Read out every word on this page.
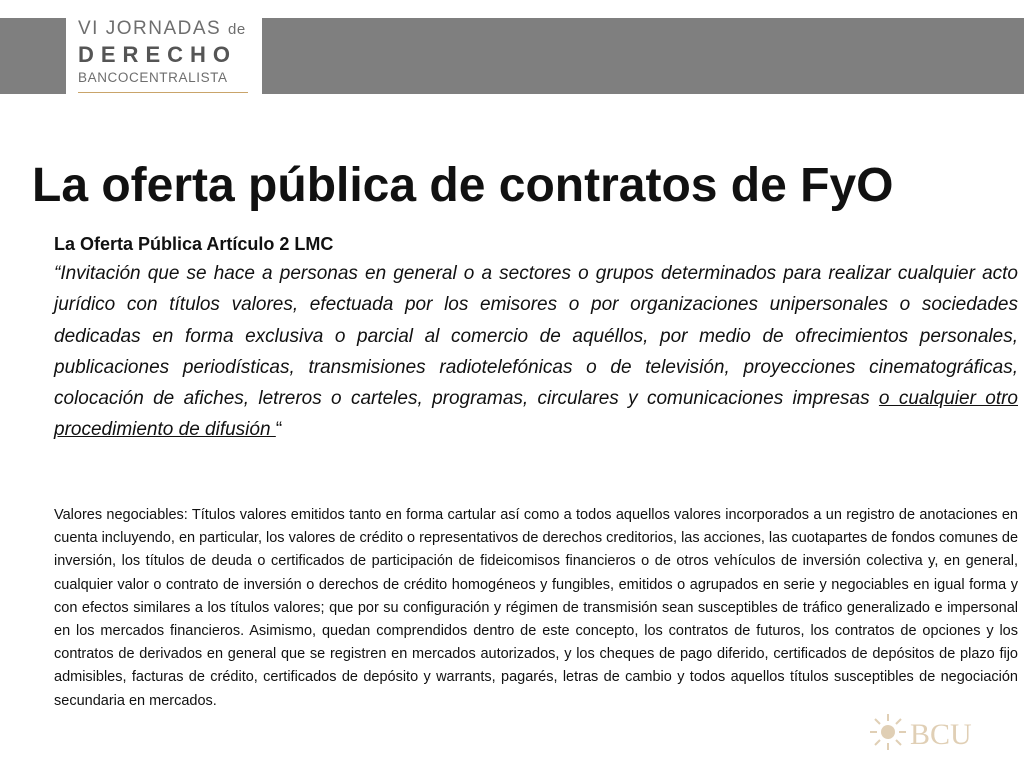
VI JORNADAS de
DERECHO
BANCOCENTRALISTA
La oferta pública de contratos de FyO
La Oferta Pública Artículo 2 LMC

“Invitación que se hace a personas en general o a sectores o grupos determinados para realizar cualquier acto jurídico con títulos valores, efectuada por los emisores o por organizaciones unipersonales o sociedades dedicadas en forma exclusiva o parcial al comercio de aquéllos, por medio de ofrecimientos personales, publicaciones periodísticas, transmisiones radiotelefónicas o de televisión, proyecciones cinematográficas, colocación de afiches, letreros o carteles, programas, circulares y comunicaciones impresas o cualquier otro procedimiento de difusión “

Valores negociables: Títulos valores emitidos tanto en forma cartular así como a todos aquellos valores incorporados a un registro de anotaciones en cuenta incluyendo, en particular, los valores de crédito o representativos de derechos creditorios, las acciones, las cuotapartes de fondos comunes de inversión, los títulos de deuda o certificados de participación de fideicomisos financieros o de otros vehículos de inversión colectiva y, en general, cualquier valor o contrato de inversión o derechos de crédito homogéneos y fungibles, emitidos o agrupados en serie y negociables en igual forma y con efectos similares a los títulos valores; que por su configuración y régimen de transmisión sean susceptibles de tráfico generalizado e impersonal en los mercados financieros. Asimismo, quedan comprendidos dentro de este concepto, los contratos de futuros, los contratos de opciones y los contratos de derivados en general que se registren en mercados autorizados, y los cheques de pago diferido, certificados de depósitos de plazo fijo admisibles, facturas de crédito, certificados de depósito y warrants, pagarés, letras de cambio y todos aquellos títulos susceptibles de negociación secundaria en mercados.

BCU
